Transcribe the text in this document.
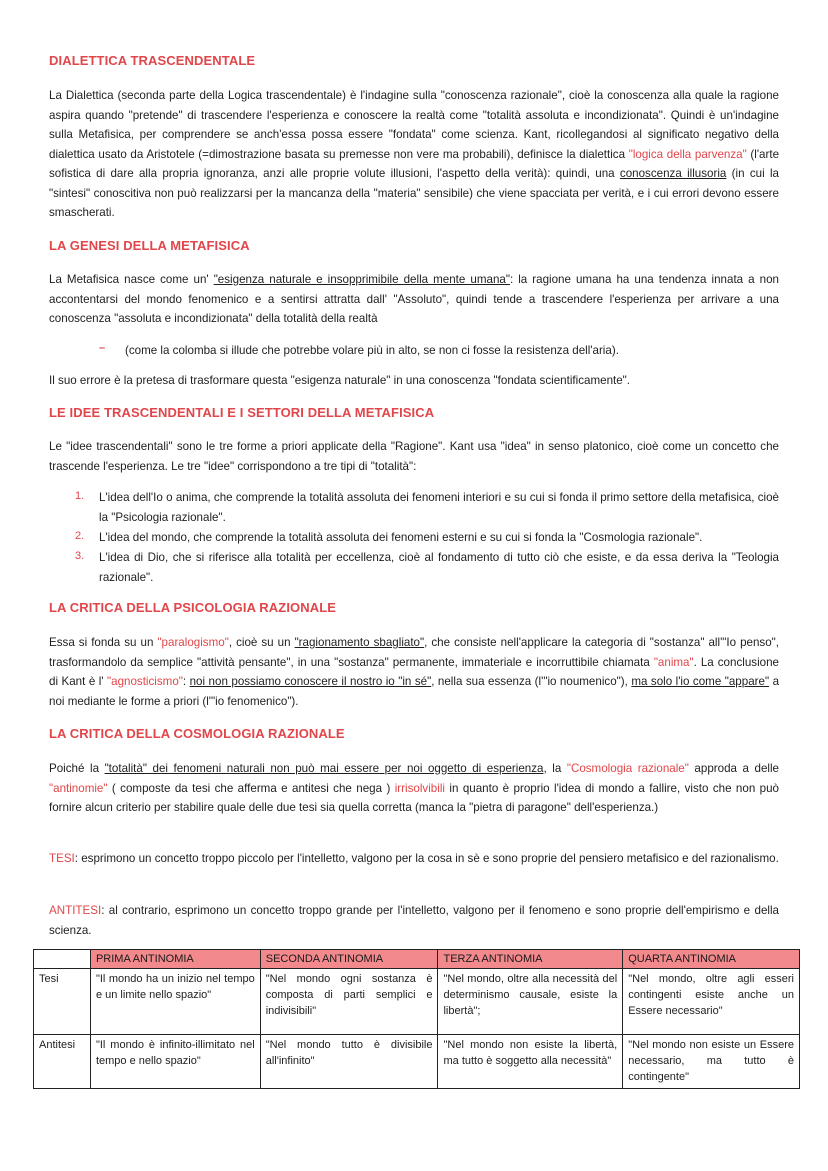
DIALETTICA TRASCENDENTALE
La Dialettica (seconda parte della Logica trascendentale) è l'indagine sulla "conoscenza razionale", cioè la conoscenza alla quale la ragione aspira quando "pretende" di trascendere l'esperienza e conoscere la realtà come "totalità assoluta e incondizionata". Quindi è un'indagine sulla Metafisica, per comprendere se anch'essa possa essere "fondata" come scienza. Kant, ricollegandosi al significato negativo della dialettica usato da Aristotele (=dimostrazione basata su premesse non vere ma probabili), definisce la dialettica "logica della parvenza" (l'arte sofistica di dare alla propria ignoranza, anzi alle proprie volute illusioni, l'aspetto della verità): quindi, una conoscenza illusoria (in cui la "sintesi" conoscitiva non può realizzarsi per la mancanza della "materia" sensibile) che viene spacciata per verità, e i cui errori devono essere smascherati.
LA GENESI DELLA METAFISICA
La Metafisica nasce come un' "esigenza naturale e insopprimibile della mente umana": la ragione umana ha una tendenza innata a non accontentarsi del mondo fenomenico e a sentirsi attratta dall' "Assoluto", quindi tende a trascendere l'esperienza per arrivare a una conoscenza "assoluta e incondizionata" della totalità della realtà
– (come la colomba si illude che potrebbe volare più in alto, se non ci fosse la resistenza dell'aria).
Il suo errore è la pretesa di trasformare questa "esigenza naturale" in una conoscenza "fondata scientificamente".
LE IDEE TRASCENDENTALI E I SETTORI DELLA METAFISICA
Le "idee trascendentali" sono le tre forme a priori applicate della "Ragione". Kant usa "idea" in senso platonico, cioè come un concetto che trascende l'esperienza. Le tre "idee" corrispondono a tre tipi di "totalità":
1. L'idea dell'Io o anima, che comprende la totalità assoluta dei fenomeni interiori e su cui si fonda il primo settore della metafisica, cioè la "Psicologia razionale".
2. L'idea del mondo, che comprende la totalità assoluta dei fenomeni esterni e su cui si fonda la "Cosmologia razionale".
3. L'idea di Dio, che si riferisce alla totalità per eccellenza, cioè al fondamento di tutto ciò che esiste, e da essa deriva la "Teologia razionale".
LA CRITICA DELLA PSICOLOGIA RAZIONALE
Essa si fonda su un "paralogismo", cioè su un "ragionamento sbagliato", che consiste nell'applicare la categoria di "sostanza" all'"Io penso", trasformandolo da semplice "attività pensante", in una "sostanza" permanente, immateriale e incorruttibile chiamata "anima". La conclusione di Kant è l' "agnosticismo": noi non possiamo conoscere il nostro io "in sé", nella sua essenza (l'"io noumenico"), ma solo l'io come "appare" a noi mediante le forme a priori (l'"io fenomenico").
LA CRITICA DELLA COSMOLOGIA RAZIONALE
Poiché la "totalità" dei fenomeni naturali non può mai essere per noi oggetto di esperienza, la "Cosmologia razionale" approda a delle "antinomie" ( composte da tesi che afferma e antitesi che nega ) irrisolvibili in quanto è proprio l'idea di mondo a fallire, visto che non può fornire alcun criterio per stabilire quale delle due tesi sia quella corretta (manca la "pietra di paragone" dell'esperienza.)
TESI: esprimono un concetto troppo piccolo per l'intelletto, valgono per la cosa in sè e sono proprie del pensiero metafisico e del razionalismo.
ANTITESI: al contrario, esprimono un concetto troppo grande per l'intelletto, valgono per il fenomeno e sono proprie dell'empirismo e della scienza.
	PRIMA ANTINOMIA	SECONDA ANTINOMIA	TERZA ANTINOMIA	QUARTA ANTINOMIA
Tesi	"Il mondo ha un inizio nel tempo e un limite nello spazio"	"Nel mondo ogni sostanza è composta di parti semplici e indivisibili"	"Nel mondo, oltre alla necessità del determinismo causale, esiste la libertà";	"Nel mondo, oltre agli esseri contingenti esiste anche un Essere necessario"
Antitesi	"Il mondo è infinito-illimitato nel tempo e nello spazio"	"Nel mondo tutto è divisibile all'infinito"	"Nel mondo non esiste la libertà, ma tutto è soggetto alla necessità"	"Nel mondo non esiste un Essere necessario, ma tutto è contingente"
